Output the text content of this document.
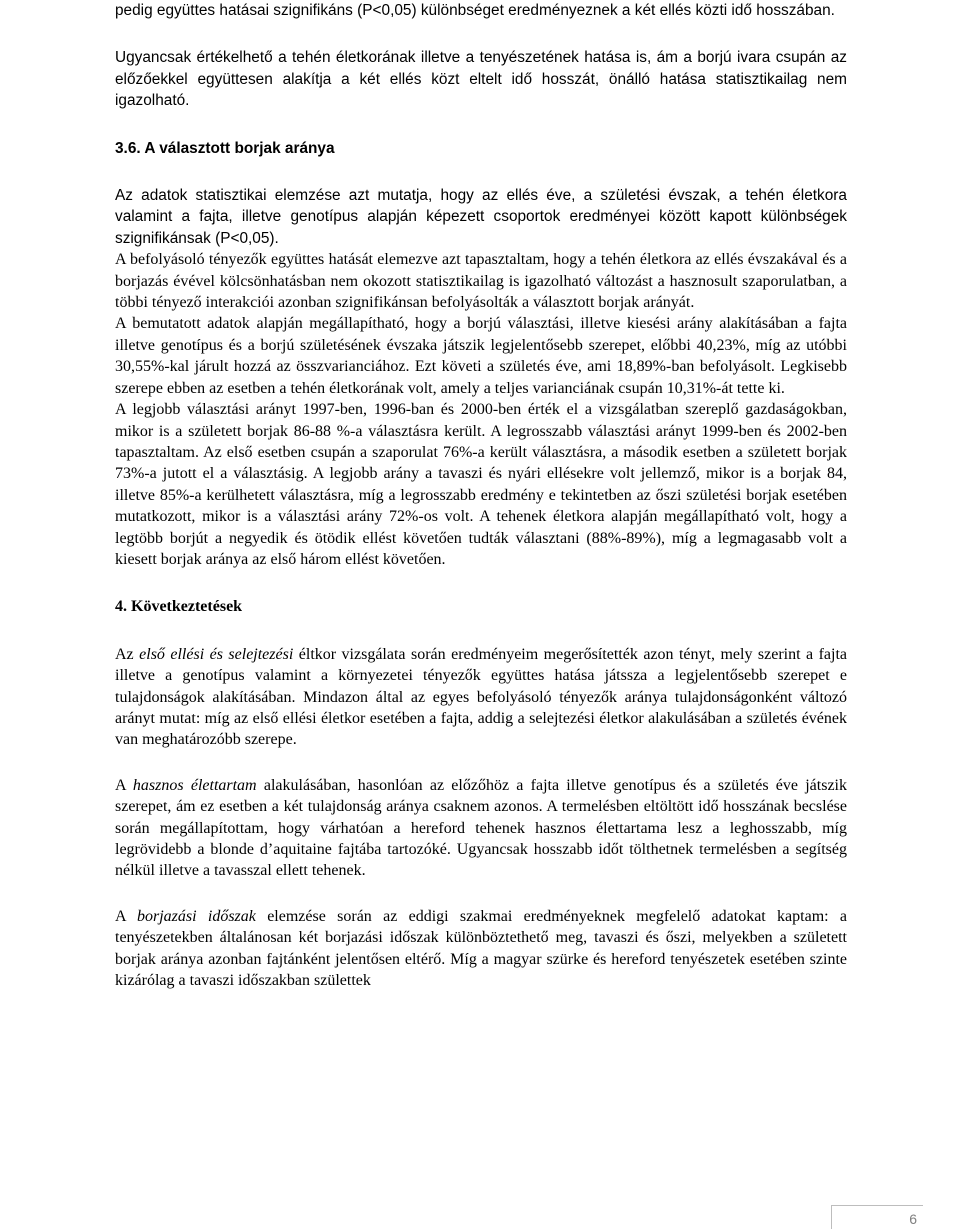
pedig együttes hatásai szignifikáns (P<0,05) különbséget eredményeznek a két ellés közti idő hosszában.

Ugyancsak értékelhető a tehén életkorának illetve a tenyészetének hatása is, ám a borjú ivara csupán az előzőekkel együttesen alakítja a két ellés közt eltelt idő hosszát, önálló hatása statisztikailag nem igazolható.

3.6. A választott borjak aránya

Az adatok statisztikai elemzése azt mutatja, hogy az ellés éve, a születési évszak, a tehén életkora valamint a fajta, illetve genotípus alapján képezett csoportok eredményei között kapott különbségek szignifikánsak (P<0,05).

A befolyásoló tényezők együttes hatását elemezve azt tapasztaltam, hogy a tehén életkora az ellés évszakával és a borjazás évével kölcsönhatásban nem okozott statisztikailag is igazolható változást a hasznosult szaporulatban, a többi tényező interakciói azonban szignifikánsan befolyásolták a választott borjak arányát.

A bemutatott adatok alapján megállapítható, hogy a borjú választási, illetve kiesési arány alakításában a fajta illetve genotípus és a borjú születésének évszaka játszik legjelentősebb szerepet, előbbi 40,23%, míg az utóbbi 30,55%-kal járult hozzá az összvarianciához. Ezt követi a születés éve, ami 18,89%-ban befolyásolt. Legkisebb szerepe ebben az esetben a tehén életkorának volt, amely a teljes varianciának csupán 10,31%-át tette ki.

A legjobb választási arányt 1997-ben, 1996-ban és 2000-ben érték el a vizsgálatban szereplő gazdaságokban, mikor is a született borjak 86-88 %-a választásra került. A legrosszabb választási arányt 1999-ben és 2002-ben tapasztaltam. Az első esetben csupán a szaporulat 76%-a került választásra, a második esetben a született borjak 73%-a jutott el a választásig. A legjobb arány a tavaszi és nyári ellésekre volt jellemző, mikor is a borjak 84, illetve 85%-a kerülhetett választásra, míg a legrosszabb eredmény e tekintetben az őszi születési borjak esetében mutatkozott, mikor is a választási arány 72%-os volt. A tehenek életkora alapján megállapítható volt, hogy a legtöbb borjút a negyedik és ötödik ellést követően tudták választani (88%-89%), míg a legmagasabb volt a kiesett borjak aránya az első három ellést követően.

4. Következtetések

Az első ellési és selejtezési éltkor vizsgálata során eredményeim megerősítették azon tényt, mely szerint a fajta illetve a genotípus valamint a környezetei tényezők együttes hatása játssza a legjelentősebb szerepet e tulajdonságok alakításában. Mindazon által az egyes befolyásoló tényezők aránya tulajdonságonként változó arányt mutat: míg az első ellési életkor esetében a fajta, addig a selejtezési életkor alakulásában a születés évének van meghatározóbb szerepe.

A hasznos élettartam alakulásában, hasonlóan az előzőhöz a fajta illetve genotípus és a születés éve játszik szerepet, ám ez esetben a két tulajdonság aránya csaknem azonos. A termelésben eltöltött idő hosszának becslése során megállapítottam, hogy várhatóan a hereford tehenek hasznos élettartama lesz a leghosszabb, míg legrövidebb a blonde d’aquitaine fajtába tartozóké. Ugyancsak hosszabb időt tölthetnek termelésben a segítség nélkül illetve a tavasszal ellett tehenek.

A borjazási időszak elemzése során az eddigi szakmai eredményeknek megfelelő adatokat kaptam: a tenyészetekben általánosan két borjazási időszak különböztethető meg, tavaszi és őszi, melyekben a született borjak aránya azonban fajtánként jelentősen eltérő. Míg a magyar szürke és hereford tenyészetek esetében szinte kizárólag a tavaszi időszakban születtek

6
